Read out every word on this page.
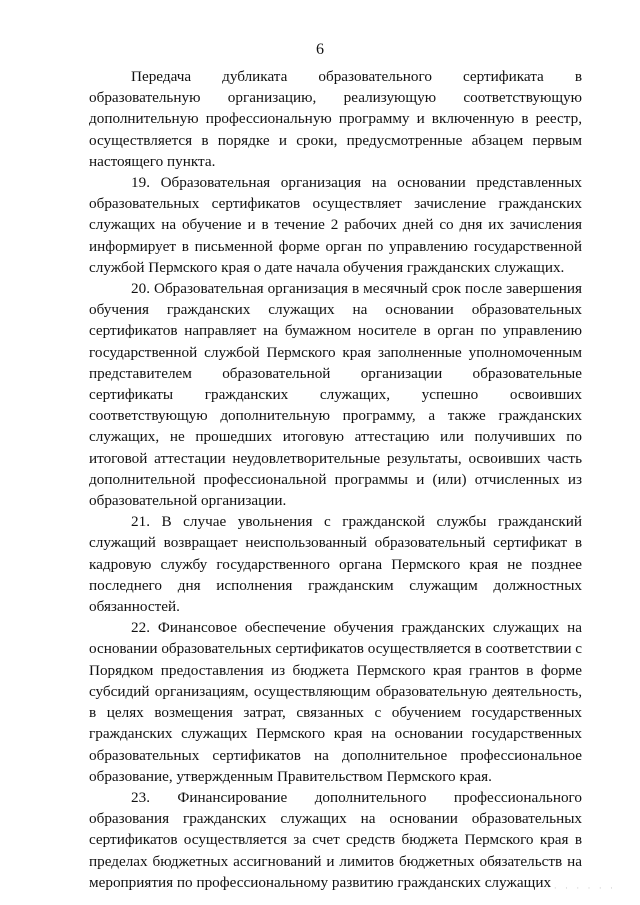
6

Передача дубликата образовательного сертификата в образовательную организацию, реализующую соответствующую дополнительную профессиональную программу и включенную в реестр, осуществляется в порядке и сроки, предусмотренные абзацем первым настоящего пункта.

19. Образовательная организация на основании представленных образовательных сертификатов осуществляет зачисление гражданских служащих на обучение и в течение 2 рабочих дней со дня их зачисления информирует в письменной форме орган по управлению государственной службой Пермского края о дате начала обучения гражданских служащих.

20. Образовательная организация в месячный срок после завершения обучения гражданских служащих на основании образовательных сертификатов направляет на бумажном носителе в орган по управлению государственной службой Пермского края заполненные уполномоченным представителем образовательной организации образовательные сертификаты гражданских служащих, успешно освоивших соответствующую дополнительную программу, а также гражданских служащих, не прошедших итоговую аттестацию или получивших по итоговой аттестации неудовлетворительные результаты, освоивших часть дополнительной профессиональной программы и (или) отчисленных из образовательной организации.

21. В случае увольнения с гражданской службы гражданский служащий возвращает неиспользованный образовательный сертификат в кадровую службу государственного органа Пермского края не позднее последнего дня исполнения гражданским служащим должностных обязанностей.

22. Финансовое обеспечение обучения гражданских служащих на основании образовательных сертификатов осуществляется в соответствии с Порядком предоставления из бюджета Пермского края грантов в форме субсидий организациям, осуществляющим образовательную деятельность, в целях возмещения затрат, связанных с обучением государственных гражданских служащих Пермского края на основании государственных образовательных сертификатов на дополнительное профессиональное образование, утвержденным Правительством Пермского края.

23. Финансирование дополнительного профессионального образования гражданских служащих на основании образовательных сертификатов осуществляется за счет средств бюджета Пермского края в пределах бюджетных ассигнований и лимитов бюджетных обязательств на мероприятия по профессиональному развитию гражданских служащих · · · · · ·
